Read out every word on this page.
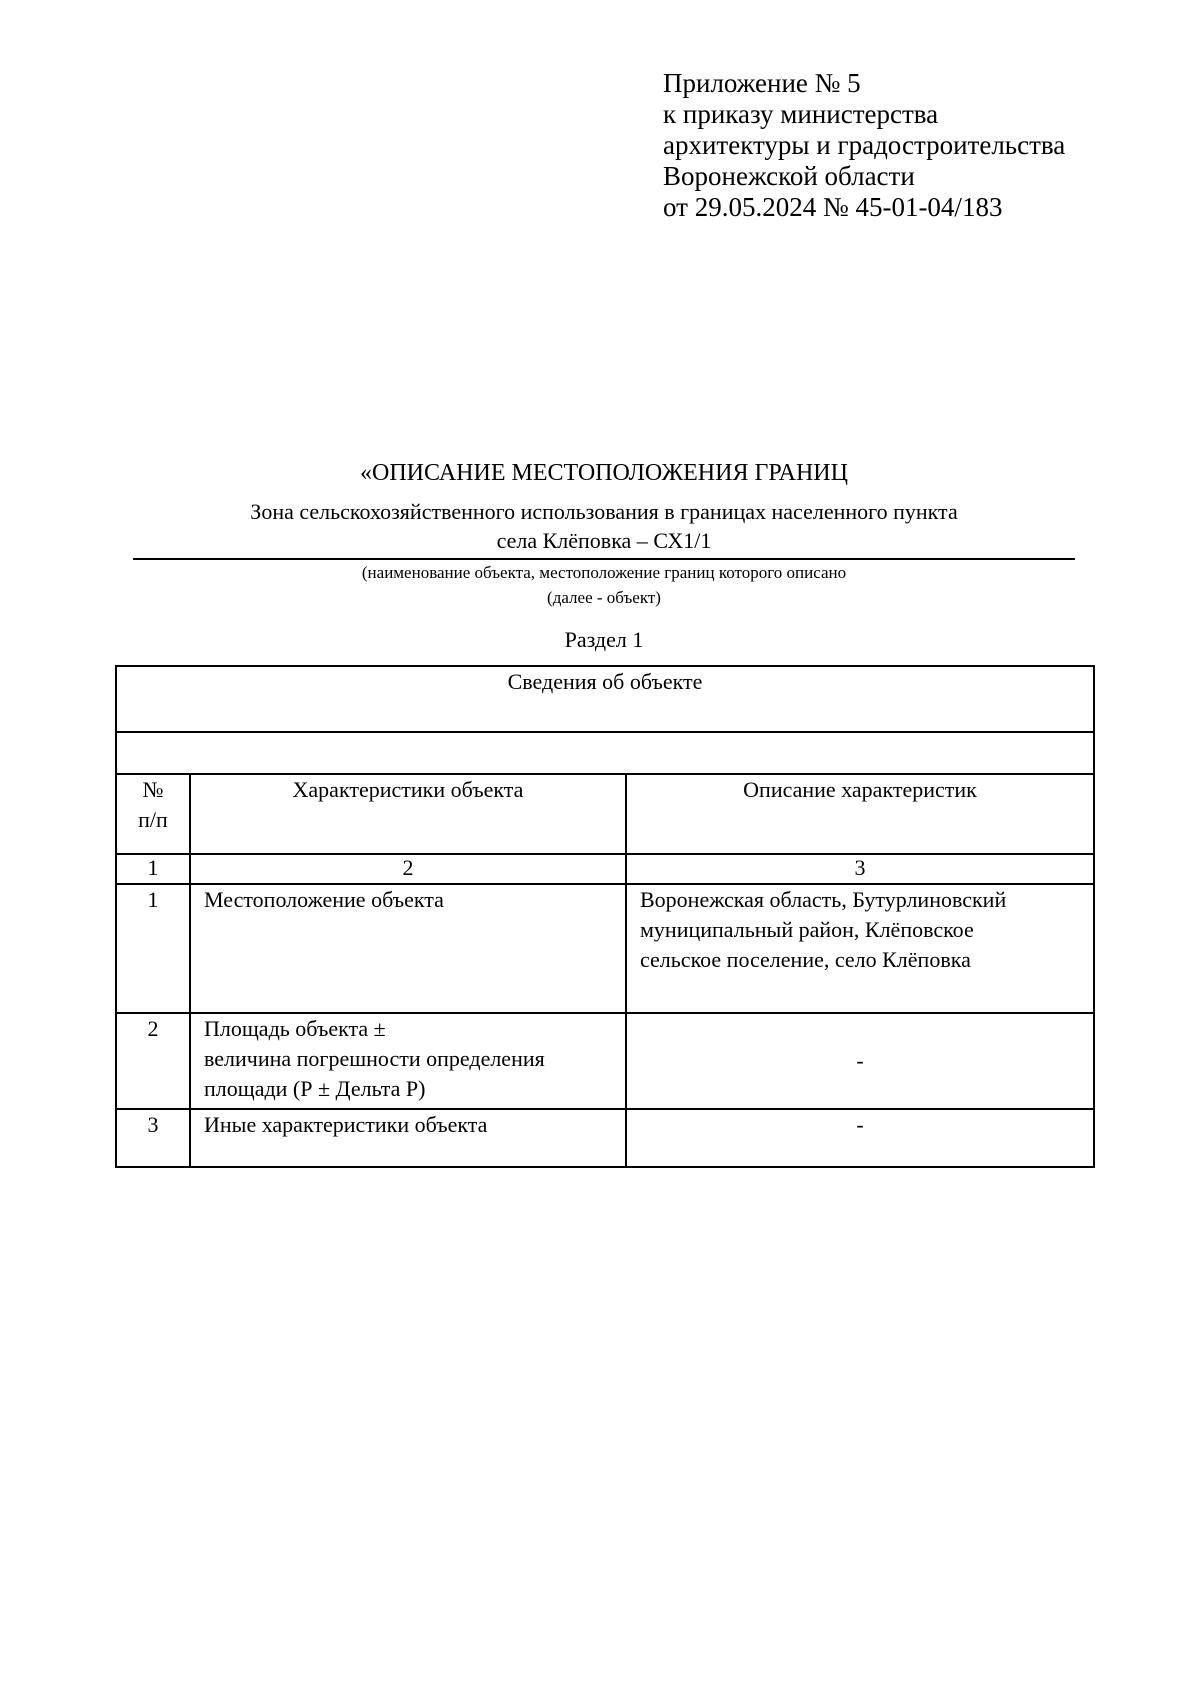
Приложение № 5
к приказу министерства
архитектуры и градостроительства
Воронежской области
от 29.05.2024 № 45-01-04/183
«ОПИСАНИЕ МЕСТОПОЛОЖЕНИЯ ГРАНИЦ
Зона сельскохозяйственного использования в границах населенного пункта
села Клёповка – СХ1/1
(наименование объекта, местоположение границ которого описано
(далее - объект)
Раздел 1
Сведения об объекте		

№
п/п	Характеристики объекта	Описание характеристик
1	2	3
1	Местоположение объекта	Воронежская область, Бутурлиновский
муниципальный район, Клёповское
сельское поселение, село Клёповка
2	Площадь объекта ±
величина погрешности определения
площади (Р ± Дельта Р)	-
3	Иные характеристики объекта	-
